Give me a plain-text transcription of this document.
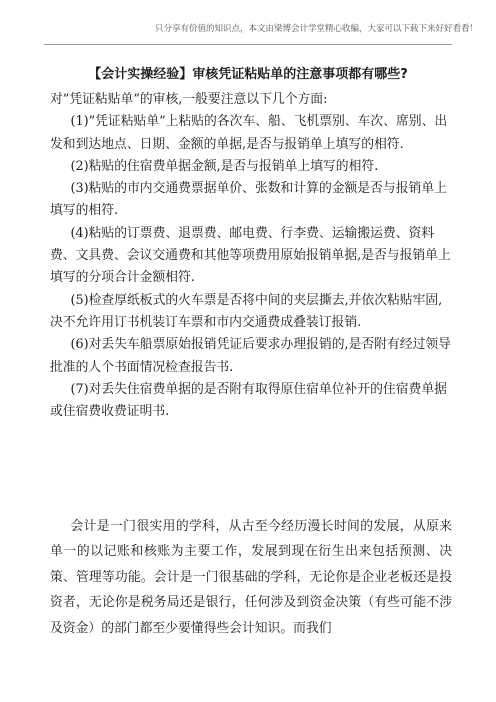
只分享有价值的知识点，本文由梁博会计学堂精心收编，大家可以下载下来好好看看！
【会计实操经验】审核凭证粘贴单的注意事项都有哪些?

对”凭证粘贴单”的审核,一般要注意以下几个方面:

(1)”凭证粘贴单”上粘贴的各次车、船、飞机票别、车次、席别、出发和到达地点、日期、金额的单据,是否与报销单上填写的相符.

(2)粘贴的住宿费单据金额,是否与报销单上填写的相符.

(3)粘贴的市内交通费票据单价、张数和计算的金额是否与报销单上填写的相符.

(4)粘贴的订票费、退票费、邮电费、行李费、运输搬运费、资料费、文具费、会议交通费和其他等项费用原始报销单据,是否与报销单上填写的分项合计金额相符.

(5)检查厚纸板式的火车票是否将中间的夹层撕去,并依次粘贴牢固,决不允许用订书机装订车票和市内交通费成叠装订报销.

(6)对丢失车船票原始报销凭证后要求办理报销的,是否附有经过领导批准的人个书面情况检查报告书.

(7)对丢失住宿费单据的是否附有取得原住宿单位补开的住宿费单据或住宿费收费证明书.

会计是一门很实用的学科，从古至今经历漫长时间的发展，从原来单一的以记账和核账为主要工作，发展到现在衍生出来包括预测、决策、管理等功能。会计是一门很基础的学科，无论你是企业老板还是投资者，无论你是税务局还是银行，任何涉及到资金决策（有些可能不涉及资金）的部门都至少要懂得些会计知识。而我们
